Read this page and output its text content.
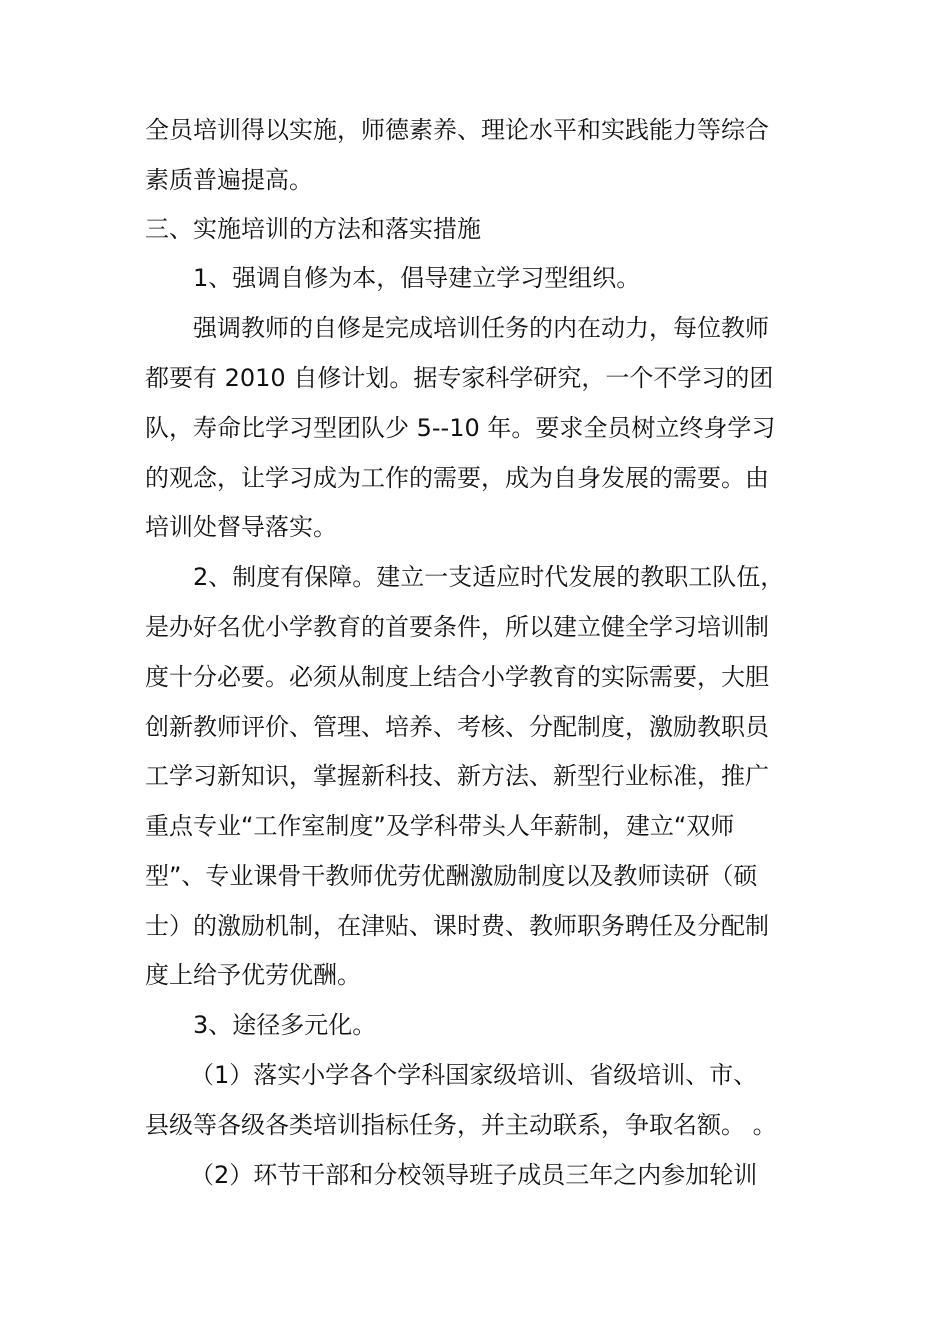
全员培训得以实施，师德素养、理论水平和实践能力等综合
素质普遍提高。
三、实施培训的方法和落实措施
1、强调自修为本，倡导建立学习型组织。
强调教师的自修是完成培训任务的内在动力，每位教师
都要有 2010 自修计划。据专家科学研究，一个不学习的团
队，寿命比学习型团队少 5--10 年。要求全员树立终身学习
的观念，让学习成为工作的需要，成为自身发展的需要。由
培训处督导落实。
2、制度有保障。建立一支适应时代发展的教职工队伍，
是办好名优小学教育的首要条件，所以建立健全学习培训制
度十分必要。必须从制度上结合小学教育的实际需要，大胆
创新教师评价、管理、培养、考核、分配制度，激励教职员
工学习新知识，掌握新科技、新方法、新型行业标准，推广
重点专业“工作室制度”及学科带头人年薪制，建立“双师
型”、专业课骨干教师优劳优酬激励制度以及教师读研（硕
士）的激励机制，在津贴、课时费、教师职务聘任及分配制
度上给予优劳优酬。
3、途径多元化。
（1）落实小学各个学科国家级培训、省级培训、市、
县级等各级各类培训指标任务，并主动联系，争取名额。 。
（2）环节干部和分校领导班子成员三年之内参加轮训
